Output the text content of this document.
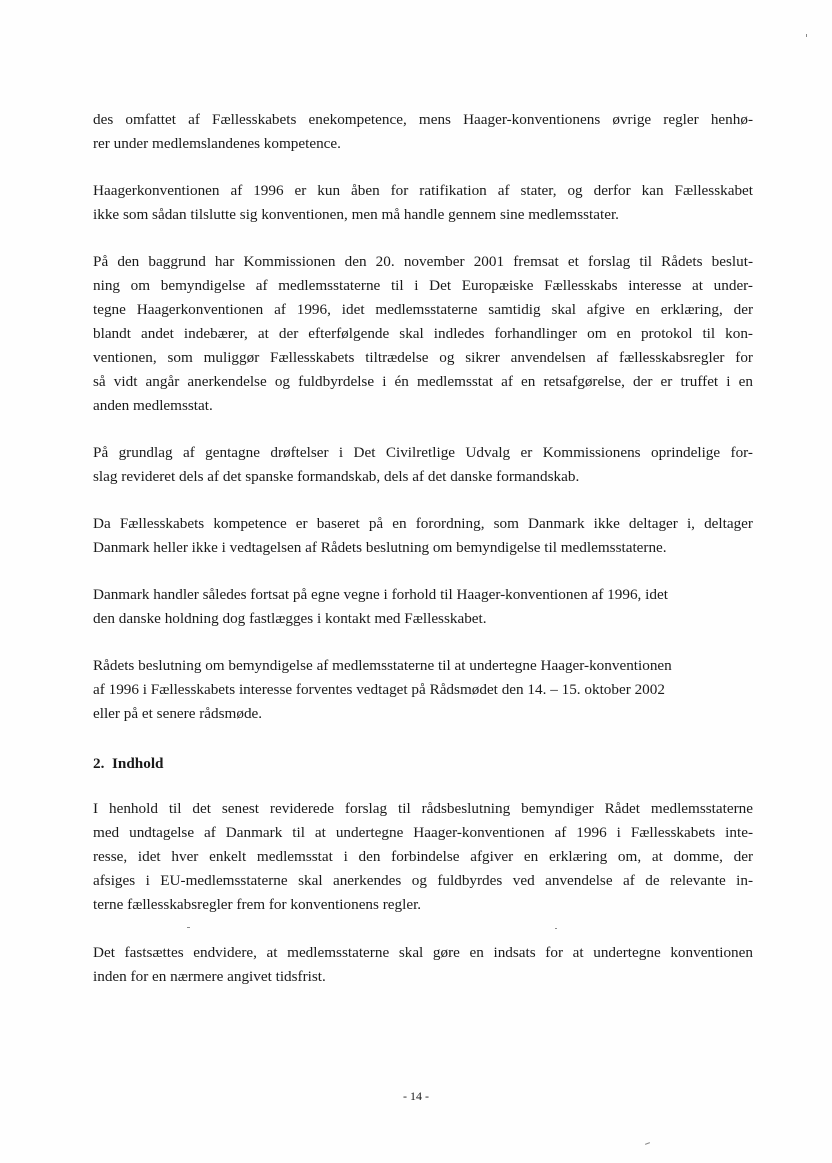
des omfattet af Fællesskabets enekompetence, mens Haager-konventionens øvrige regler henhø-
rer under medlemslandenes kompetence.
Haagerkonventionen af 1996 er kun åben for ratifikation af stater, og derfor kan Fællesskabet
ikke som sådan tilslutte sig konventionen, men må handle gennem sine medlemsstater.
På den baggrund har Kommissionen den 20. november 2001 fremsat et forslag til Rådets beslut-
ning om bemyndigelse af medlemsstaterne til i Det Europæiske Fællesskabs interesse at under-
tegne Haagerkonventionen af 1996, idet medlemsstaterne samtidig skal afgive en erklæring, der
blandt andet indebærer, at der efterfølgende skal indledes forhandlinger om en protokol til kon-
ventionen, som muliggør Fællesskabets tiltrædelse og sikrer anvendelsen af fællesskabsregler for
så vidt angår anerkendelse og fuldbyrdelse i én medlemsstat af en retsafgørelse, der er truffet i en
anden medlemsstat.
På grundlag af gentagne drøftelser i Det Civilretlige Udvalg er Kommissionens oprindelige for-
slag revideret dels af det spanske formandskab, dels af det danske formandskab.
Da Fællesskabets kompetence er baseret på en forordning, som Danmark ikke deltager i, deltager
Danmark heller ikke i vedtagelsen af Rådets beslutning om bemyndigelse til medlemsstaterne.
Danmark handler således fortsat på egne vegne i forhold til Haager-konventionen af 1996, idet
den danske holdning dog fastlægges i kontakt med Fællesskabet.
Rådets beslutning om bemyndigelse af medlemsstaterne til at undertegne Haager-konventionen
af 1996 i Fællesskabets interesse forventes vedtaget på Rådsmødet den 14. – 15. oktober 2002
eller på et senere rådsmøde.
2.  Indhold
I henhold til det senest reviderede forslag til rådsbeslutning bemyndiger Rådet medlemsstaterne
med undtagelse af Danmark til at undertegne Haager-konventionen af 1996 i Fællesskabets inte-
resse, idet hver enkelt medlemsstat i den forbindelse afgiver en erklæring om, at domme, der
afsiges i EU-medlemsstaterne skal anerkendes og fuldbyrdes ved anvendelse af de relevante in-
terne fællesskabsregler frem for konventionens regler.
Det fastsættes endvidere, at medlemsstaterne skal gøre en indsats for at undertegne konventionen
inden for en nærmere angivet tidsfrist.
- 14 -
